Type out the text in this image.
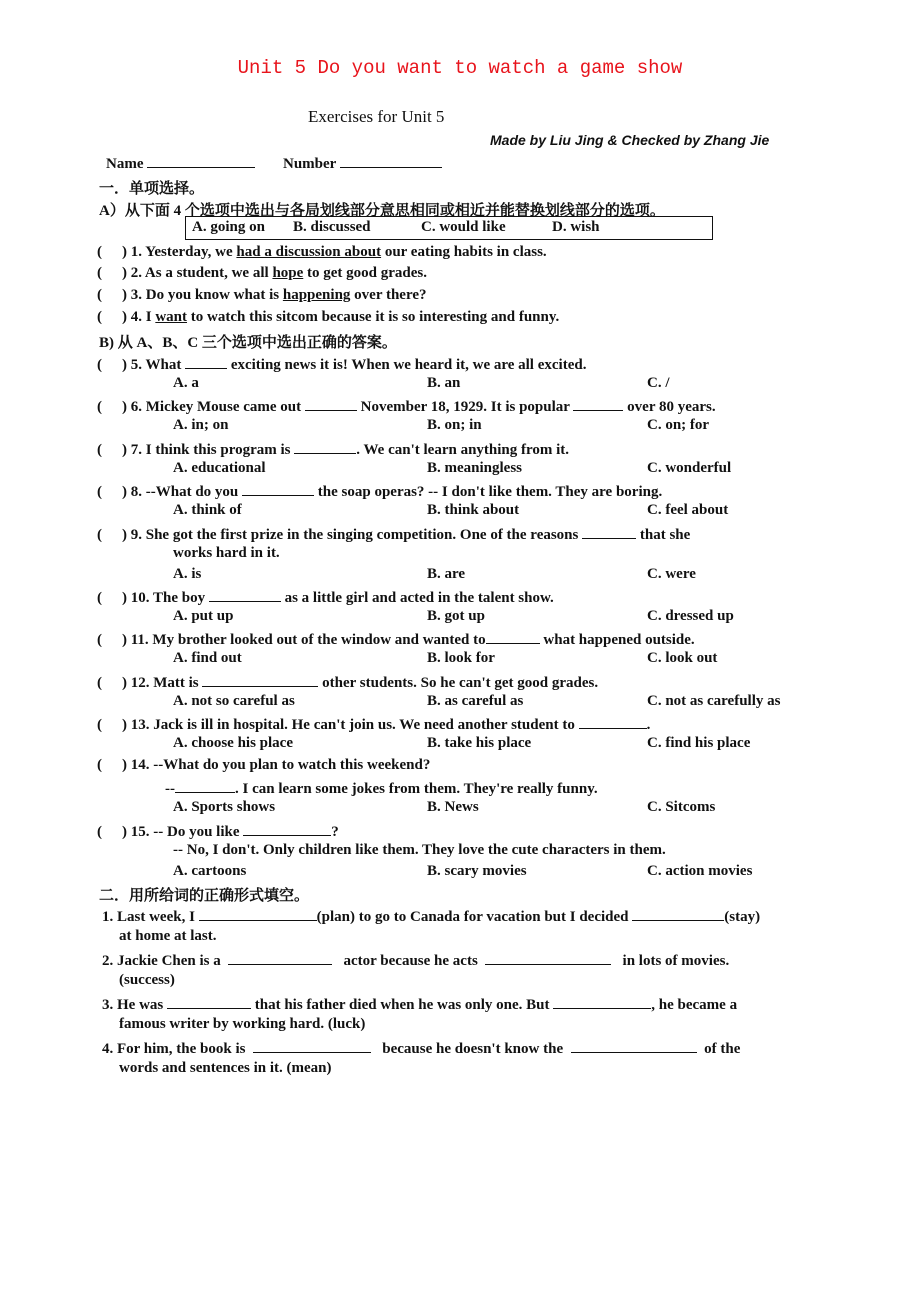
Unit 5 Do you want to watch a game show
Exercises for Unit 5
Made by Liu Jing & Checked by Zhang Jie
Name	Number
一．单项选择。
A）从下面 4 个选项中选出与各局划线部分意思相同或相近并能替换划线部分的选项。
A. going on B. discussed	C. would like	D. wish
( ) 1. Yesterday, we had a discussion about our eating habits in class.
( ) 2. As a student, we all hope to get good grades.
( ) 3. Do you know what is happening over there?
( ) 4. I want to watch this sitcom because it is so interesting and funny.
B) 从 A、B、C 三个选项中选出正确的答案。
( ) 5. What	exciting news it is! When we heard it, we are all excited.
A. a	B. an	C. /
( ) 6. Mickey Mouse came out	November 18, 1929. It is popular	over 80 years.
A. in; on	B. on; in	C. on; for
( ) 7. I think this program is	. We can't learn anything from it.
A. educational	B. meaningless	C. wonderful
( ) 8. --What do you	the soap operas? -- I don't like them. They are boring.
A. think of	B. think about	C. feel about
( ) 9. She got the first prize in the singing competition. One of the reasons	that she
works hard in it.
A. is	B. are	C. were
( ) 10. The boy	as a little girl and acted in the talent show.
A. put up	B. got up	C. dressed up
( ) 11. My brother looked out of the window and wanted to	what happened outside.
A. find out	B. look for	C. look out
( ) 12. Matt is	other students. So he can't get good grades.
A. not so careful as	B. as careful as	C. not as carefully as
( ) 13. Jack is ill in hospital. He can't join us. We need another student to	.
A. choose his place	B. take his place	C. find his place
( ) 14. --What do you plan to watch this weekend?
--	. I can learn some jokes from them. They're really funny.
A. Sports shows	B. News	C. Sitcoms
( ) 15. -- Do you like	?
-- No, I don't. Only children like them. They love the cute characters in them.
A. cartoons	B. scary movies	C. action movies
二．用所给词的正确形式填空。
1. Last week, I	(plan) to go to Canada for vacation but I decided	(stay)
at home at last.
2. Jackie Chen is a	actor because he acts	in lots of movies.
(success)
3. He was	that his father died when he was only one. But	, he became a
famous writer by working hard. (luck)
4. For him, the book is	because he doesn't know the	of the
words and sentences in it. (mean)
